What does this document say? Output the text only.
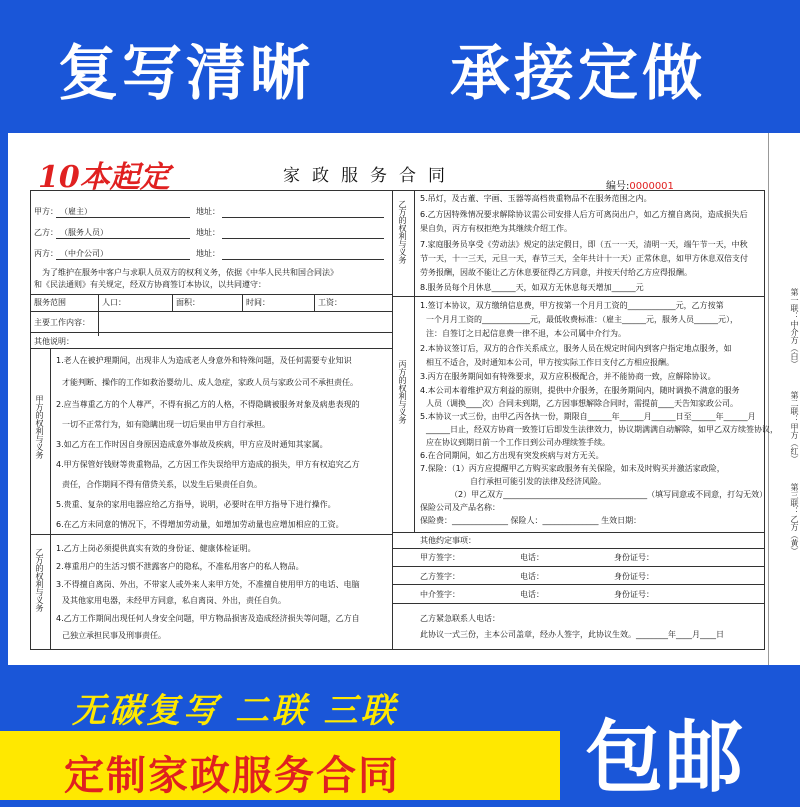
复写清晰 承接定做
第一联：中介方（白）
第二联：甲方（红）
第三联：乙方（黄）
10本起定	家政服务合同
编号:0000001
甲方： （雇主）	地址：
乙方： （服务人员）	地址：
丙方： （中介公司）	地址：
为了维护在服务中客户与求职人员双方的权利义务，依据《中华人民共和国合同法》
和《民法通则》有关规定，经双方协商签订本协议，以共同遵守：
服务范围	人口：	面积：	时间：	工资：
主要工作内容：
其他说明：
甲方的权利与义务
1.老人在被护理期间，出现非人为造成老人身意外和特殊问题，及任何需要专业知识
才能判断、操作的工作如救治婴幼儿、成人急症，家政人员与家政公司不承担责任。
2.应当尊重乙方的个人尊严，不得有损乙方的人格，不得隐瞒被服务对象及病患表现的
一切不正常行为，如有隐瞒出现一切后果由甲方自行承担。
3.如乙方在工作时因自身原因造成意外事故及疾病，甲方应及时通知其家属。
4.甲方保管好钱财等贵重物品，乙方因工作失误给甲方造成的损失，甲方有权追究乙方
责任，合作期间不得有借贷关系，以发生后果责任自负。
5.贵重、复杂的家用电器应给乙方指导，说明，必要时在甲方指导下进行操作。
6.在乙方未同意的情况下，不得增加劳动量，如增加劳动量也应增加相应的工资。
乙方的权利与义务 1.乙方上岗必须提供真实有效的身份证、健康体检证明。
2.尊重用户的生活习惯不泄露客户的隐私，不准私用客户的私人物品。
3.不得擅自离岗、外出，不带家人或外来人来甲方处，不准擅自使用甲方的电话、电脑
及其他家用电器，未经甲方同意，私自离岗、外出，责任自负。
4.乙方工作期间出现任何人身安全问题，甲方物品损害及造成经济损失等问题，乙方自
己独立承担民事及刑事责任。
乙方的权利与义务
5.吊灯，及古董、字画、玉器等高档贵重物品不在服务范围之内。
6.乙方因特殊情况要求解除协议需公司安排人后方可离岗出户，如乙方擅自离岗，造成损失后
果自负，丙方有权拒绝为其继续介绍工作。
7.家庭服务员享受《劳动法》规定的法定假日，即（五一一天，清明一天，端午节一天，中秋
节一天，十一三天，元旦一天，春节三天，全年共计十一天）正常休息，如甲方休息双倍支付
劳务报酬，因故不能让乙方休息要征得乙方同意，并按天付给乙方应得报酬。
8.服务员每个月休息______天，如双方无休息每天增加______元
丙方的权利与义务
1.签订本协议，双方缴纳信息费，甲方按第一个月月工资的____________元，乙方按第
一个月月工资的____________元，最低收费标准：（雇主______元，服务人员______元），
注：自签订之日起信息费一律不退，本公司属中介行为。
2.本协议签订后，双方的合作关系成立，服务人员在规定时间内到客户指定地点服务，如
相互不适合，及时通知本公司，甲方按实际工作日支付乙方相应报酬。
3.丙方在服务期间如有特殊要求，双方应积极配合，并不能协商一致，应解除协议。
4.本公司本着维护双方利益的原则，提供中介服务，在服务期间内，随时调换不满意的服务
人员（调换____次）合同未到期，乙方因事想解除合同时，需提前____天告知家政公司。
5.本协议一式三份，由甲乙丙各执一份，期限自______年______月______日至______年______月
______日止，经双方协商一致签订后即发生法律效力，协议期满满自动解除，如甲乙双方续签协议，
应在协议到期日前一个工作日到公司办理续签手续。
6.在合同期间，如乙方出现有突发疾病与对方无关。
7.保险：（1）丙方应提醒甲乙方购买家政服务有关保险，如未及时购买并激活家政险，
自行承担可能引发的法律及经济风险。
（2）甲乙双方____________________________________（填写同意或不同意，打勾无效）
保险公司及产品名称：
保险费：______________ 保险人：______________ 生效日期：
其他约定事项：
甲方签字：	电话：	身份证号：
乙方签字：	电话：	身份证号：
中介签字：	电话：	身份证号：
乙方紧急联系人电话：
此协议一式三份，主本公司盖章，经办人签字，此协议生效。________年____月____日
无碳复写 二联 三联
定制家政服务合同 包邮
